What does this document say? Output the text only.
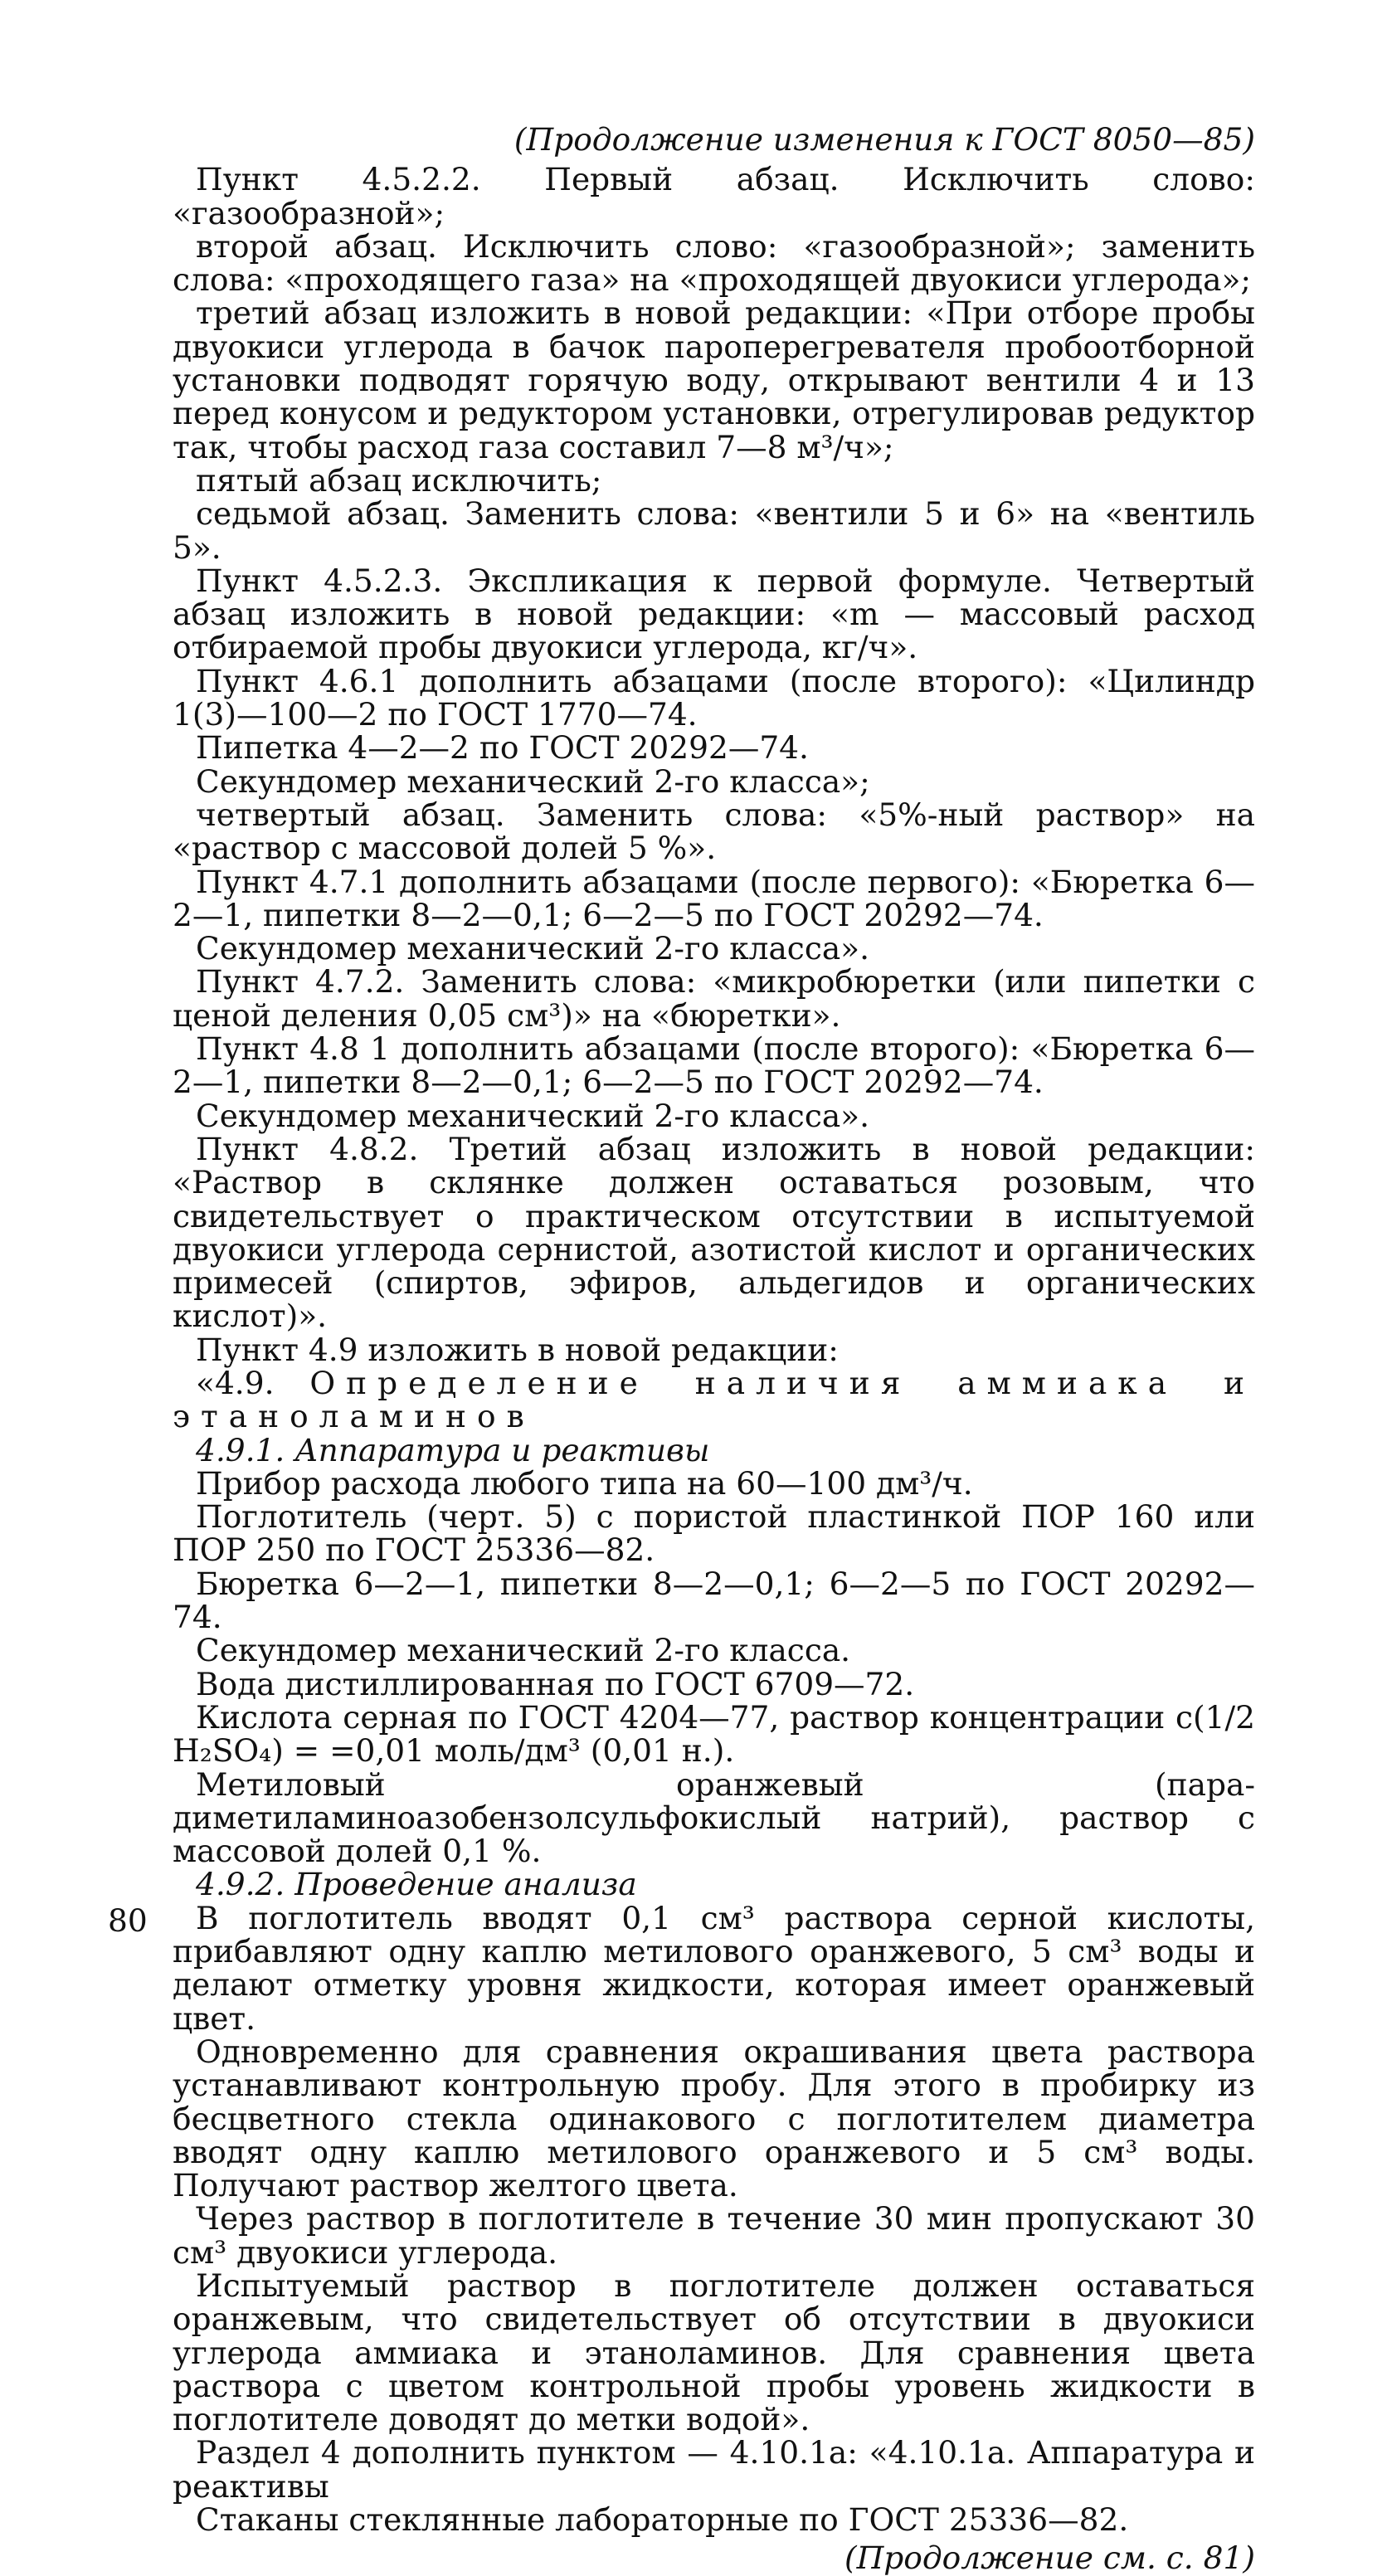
(Продолжение изменения к ГОСТ 8050—85)

Пункт 4.5.2.2. Первый абзац. Исключить слово: «газообразной»;

второй абзац. Исключить слово: «газообразной»; заменить слова: «проходящего газа» на «проходящей двуокиси углерода»;

третий абзац изложить в новой редакции: «При отборе пробы двуокиси углерода в бачок пароперегревателя пробоотборной установки подводят горячую воду, открывают вентили 4 и 13 перед конусом и редуктором установки, отрегулировав редуктор так, чтобы расход газа составил 7—8 м³/ч»;

пятый абзац исключить;

седьмой абзац. Заменить слова: «вентили 5 и 6» на «вентиль 5».

Пункт 4.5.2.3. Экспликация к первой формуле. Четвертый абзац изложить в новой редакции: «m — массовый расход отбираемой пробы двуокиси углерода, кг/ч».

Пункт 4.6.1 дополнить абзацами (после второго): «Цилиндр 1(3)—100—2 по ГОСТ 1770—74.

Пипетка 4—2—2 по ГОСТ 20292—74.

Секундомер механический 2-го класса»;

четвертый абзац. Заменить слова: «5%-ный раствор» на «раствор с массовой долей 5 %».

Пункт 4.7.1 дополнить абзацами (после первого): «Бюретка 6—2—1, пипетки 8—2—0,1; 6—2—5 по ГОСТ 20292—74.

Секундомер механический 2-го класса».

Пункт 4.7.2. Заменить слова: «микробюретки (или пипетки с ценой деления 0,05 см³)» на «бюретки».

Пункт 4.8 1 дополнить абзацами (после второго): «Бюретка 6—2—1, пипетки 8—2—0,1; 6—2—5 по ГОСТ 20292—74.

Секундомер механический 2-го класса».

Пункт 4.8.2. Третий абзац изложить в новой редакции: «Раствор в склянке должен оставаться розовым, что свидетельствует о практическом отсутствии в испытуемой двуокиси углерода сернистой, азотистой кислот и органических примесей (спиртов, эфиров, альдегидов и органических кислот)».

Пункт 4.9 изложить в новой редакции:

«4.9. Определение наличия аммиака и этаноламинов

4.9.1. Аппаратура и реактивы

Прибор расхода любого типа на 60—100 дм³/ч.

Поглотитель (черт. 5) с пористой пластинкой ПОР 160 или ПОР 250 по ГОСТ 25336—82.

Бюретка 6—2—1, пипетки 8—2—0,1; 6—2—5 по ГОСТ 20292—74.

Секундомер механический 2-го класса.

Вода дистиллированная по ГОСТ 6709—72.

Кислота серная по ГОСТ 4204—77, раствор концентрации c(1/2 H₂SO₄) = =0,01 моль/дм³ (0,01 н.).

Метиловый оранжевый (пара-диметиламиноазобензолсульфокислый натрий), раствор с массовой долей 0,1 %.

4.9.2. Проведение анализа

В поглотитель вводят 0,1 см³ раствора серной кислоты, прибавляют одну каплю метилового оранжевого, 5 см³ воды и делают отметку уровня жидкости, которая имеет оранжевый цвет.

Одновременно для сравнения окрашивания цвета раствора устанавливают контрольную пробу. Для этого в пробирку из бесцветного стекла одинакового с поглотителем диаметра вводят одну каплю метилового оранжевого и 5 см³ воды. Получают раствор желтого цвета.

Через раствор в поглотителе в течение 30 мин пропускают 30 см³ двуокиси углерода.

Испытуемый раствор в поглотителе должен оставаться оранжевым, что свидетельствует об отсутствии в двуокиси углерода аммиака и этаноламинов. Для сравнения цвета раствора с цветом контрольной пробы уровень жидкости в поглотителе доводят до метки водой».

Раздел 4 дополнить пунктом — 4.10.1а: «4.10.1а. Аппаратура и реактивы

Стаканы стеклянные лабораторные по ГОСТ 25336—82.

(Продолжение см. с. 81)
80
